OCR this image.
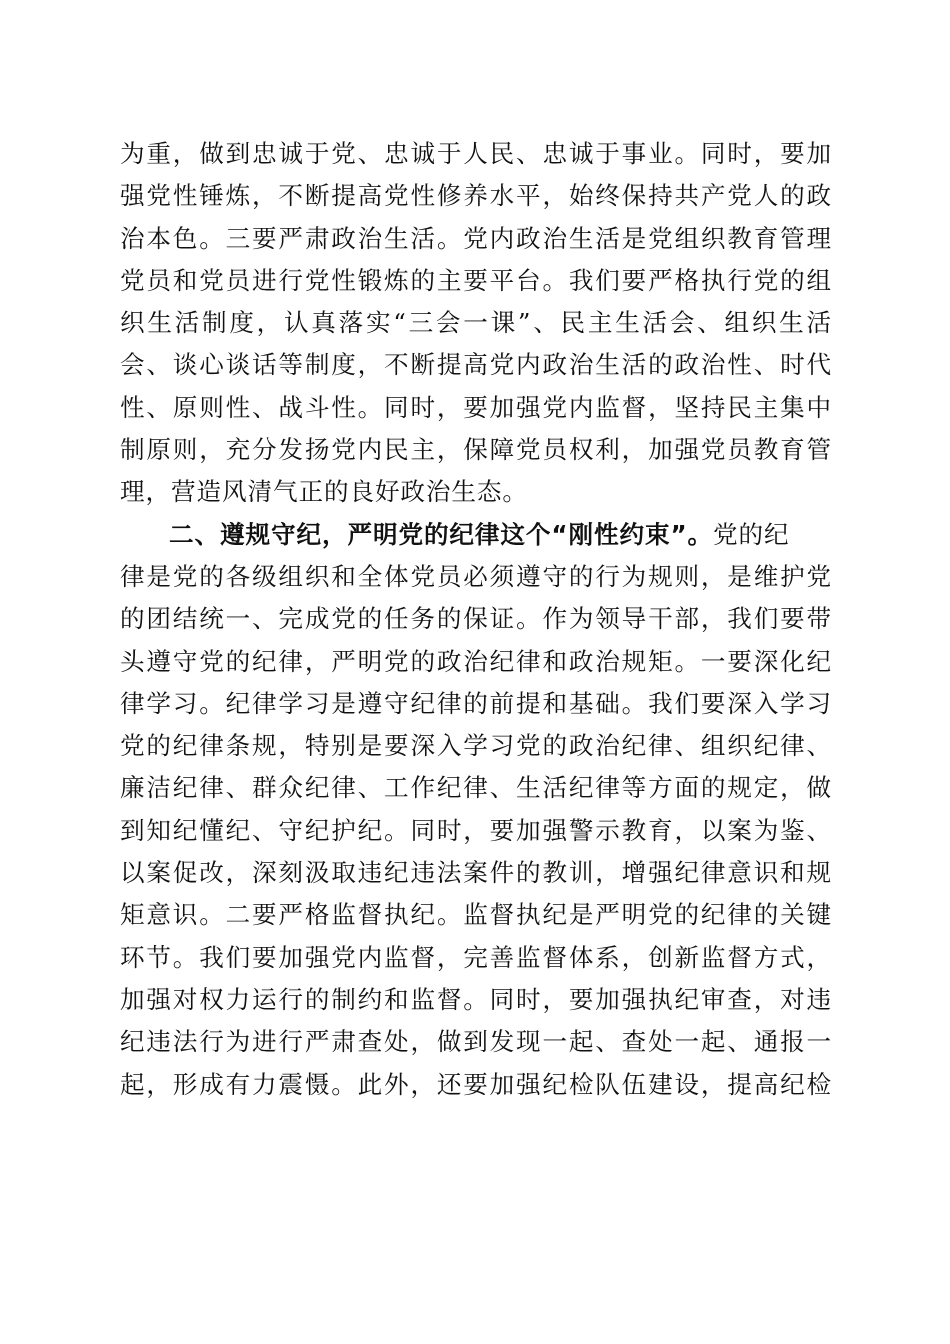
为重，做到忠诚于党、忠诚于人民、忠诚于事业。同时，要加
强党性锤炼，不断提高党性修养水平，始终保持共产党人的政
治本色。三要严肃政治生活。党内政治生活是党组织教育管理
党员和党员进行党性锻炼的主要平台。我们要严格执行党的组
织生活制度，认真落实“三会一课”、民主生活会、组织生活
会、谈心谈话等制度，不断提高党内政治生活的政治性、时代
性、原则性、战斗性。同时，要加强党内监督，坚持民主集中
制原则，充分发扬党内民主，保障党员权利，加强党员教育管
理，营造风清气正的良好政治生态。
二、遵规守纪，严明党的纪律这个“刚性约束”。党的纪
律是党的各级组织和全体党员必须遵守的行为规则，是维护党
的团结统一、完成党的任务的保证。作为领导干部，我们要带
头遵守党的纪律，严明党的政治纪律和政治规矩。一要深化纪
律学习。纪律学习是遵守纪律的前提和基础。我们要深入学习
党的纪律条规，特别是要深入学习党的政治纪律、组织纪律、
廉洁纪律、群众纪律、工作纪律、生活纪律等方面的规定，做
到知纪懂纪、守纪护纪。同时，要加强警示教育，以案为鉴、
以案促改，深刻汲取违纪违法案件的教训，增强纪律意识和规
矩意识。二要严格监督执纪。监督执纪是严明党的纪律的关键
环节。我们要加强党内监督，完善监督体系，创新监督方式，
加强对权力运行的制约和监督。同时，要加强执纪审查，对违
纪违法行为进行严肃查处，做到发现一起、查处一起、通报一
起，形成有力震慑。此外，还要加强纪检队伍建设，提高纪检
